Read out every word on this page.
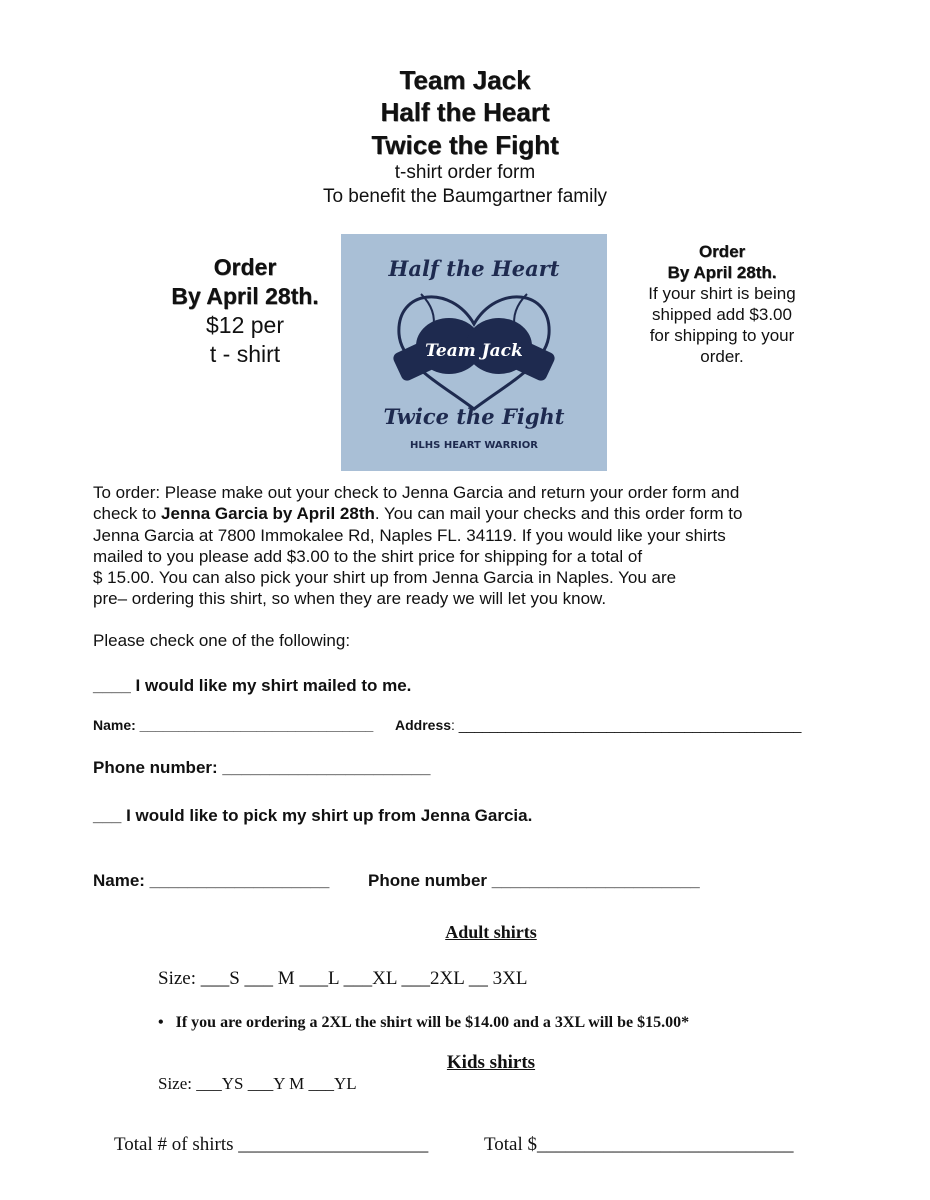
Team Jack
Half the Heart
Twice the Fight
t-shirt order form
To benefit the Baumgartner family
Order
By April 28th.
$12 per
t - shirt
Half the Heart
Team Jack
Twice the Fight
HLHS HEART WARRIOR
Order
By April 28th.
If your shirt is being
shipped add $3.00
for shipping to your
order.

To order: Please make out your check to Jenna Garcia and return your order form and

check to Jenna Garcia by April 28th. You can mail your checks and this order form to

Jenna Garcia at 7800 Immokalee Rd, Naples FL. 34119. If you would like your shirts

mailed to you please add $3.00 to the shirt price for shipping for a total of

$ 15.00. You can also pick your shirt up from Jenna Garcia in Naples. You are

pre– ordering this shirt, so when they are ready we will let you know.

Please check one of the following:
____ I would like my shirt mailed to me.
Name: ______________________________ Address: ____________________________________________
Phone number: ______________________
___ I would like to pick my shirt up from Jenna Garcia.
Name: ___________________ Phone number ______________________
Adult shirts
Size: ___S ___ M ___L ___XL ___2XL __ 3XL
• If you are ordering a 2XL the shirt will be $14.00 and a 3XL will be $15.00*
Kids shirts
Size: ___YS ___Y M ___YL
Total # of shirts ____________________	Total $___________________________
